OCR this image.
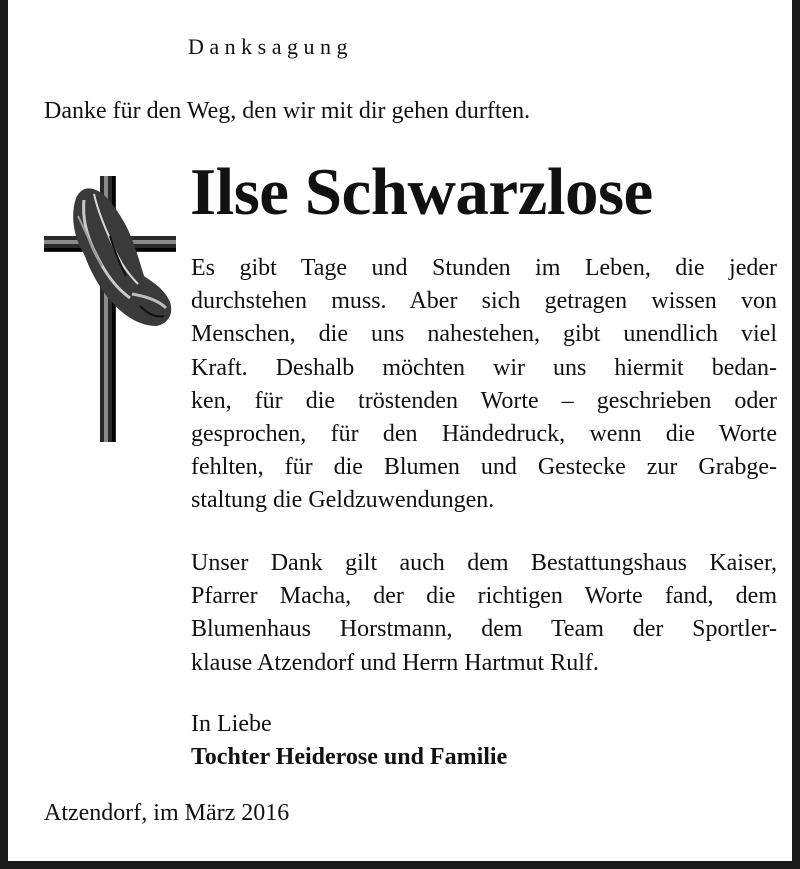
Danksagung
Danke für den Weg, den wir mit dir gehen durften.
Ilse Schwarzlose
Es gibt Tage und Stunden im Leben, die jeder
durchstehen muss. Aber sich getragen wissen von
Menschen, die uns nahestehen, gibt unendlich viel
Kraft. Deshalb möchten wir uns hiermit bedan-
ken, für die tröstenden Worte – geschrieben oder
gesprochen, für den Händedruck, wenn die Worte
fehlten, für die Blumen und Gestecke zur Grabge-
staltung die Geldzuwendungen.
Unser Dank gilt auch dem Bestattungshaus Kaiser,
Pfarrer Macha, der die richtigen Worte fand, dem
Blumenhaus Horstmann, dem Team der Sportler-
klause Atzendorf und Herrn Hartmut Rulf.
In Liebe
Tochter Heiderose und Familie
Atzendorf, im März 2016
